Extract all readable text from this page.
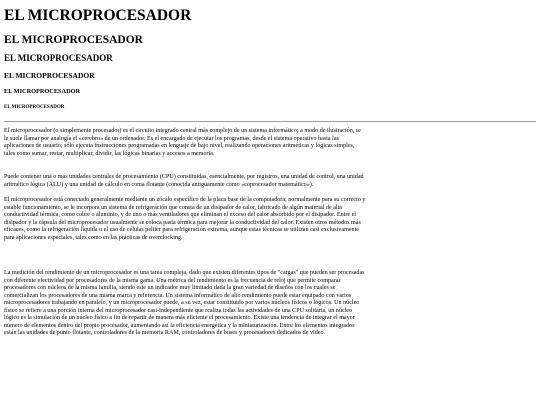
EL MICROPROCESADOR
EL MICROPROCESADOR
EL MICROPROCESADOR
EL MICROPROCESADOR
EL MICROPROCESADOR
EL MICROPROCESADOR

El microprocesador (o simplemente procesador) es el circuito integrado central más complejo de un sistema informático; a modo de ilustración, se le suele llamar por analogía el «cerebro» de un ordenador. Es el encargado de ejecutar los programas, desde el sistema operativo hasta las aplicaciones de usuario; sólo ejecuta instrucciones programadas en lenguaje de bajo nivel, realizando operaciones aritméticas y lógicas simples, tales como sumar, restar, multiplicar, dividir, las lógicas binarias y accesos a memoria.

Puede contener una o más unidades centrales de procesamiento (CPU) constituidas, esencialmente, por registros, una unidad de control, una unidad aritmético lógica (ALU) y una unidad de cálculo en coma flotante (conocida antiguamente como «coprocesador matemático»).

El microprocesador está conectado generalmente mediante un zócalo específico de la placa base de la computadora; normalmente para su correcto y estable funcionamiento, se le incorpora un sistema de refrigeración que consta de un disipador de calor, fabricado de algún material de alta conductividad térmica, como cobre o aluminio, y de uno o más ventiladores que eliminan el exceso del calor absorbido por el disipador. Entre el disipador y la cápsula del microprocesador usualmente se coloca pasta térmica para mejorar la conductividad del calor. Existen otros métodos más eficaces, como la refrigeración líquida o el uso de células peltier para refrigeración extrema, aunque estas técnicas se utilizan casi exclusivamente para aplicaciones especiales, tales como en las prácticas de overclocking.

La medición del rendimiento de un microprocesador es una tarea compleja, dado que existen diferentes tipos de "cargas" que pueden ser procesadas con diferente efectividad por procesadores de la misma gama. Una métrica del rendimiento es la frecuencia de reloj que permite comparar procesadores con núcleos de la misma familia, siendo este un indicador muy limitado dada la gran variedad de diseños con los cuales se comercializan los procesadores de una misma marca y referencia. Un sistema informático de alto rendimiento puede estar equipado con varios microprocesadores trabajando en paralelo, y un microprocesador puede, a su vez, estar constituido por varios núcleos físicos o lógicos. Un núcleo físico se refiere a una porción interna del microprocesador casi-independiente que realiza todas las actividades de una CPU solitaria, un núcleo lógico es la simulación de un núcleo físico a fin de repartir de manera más eficiente el procesamiento. Existe una tendencia de integrar el mayor número de elementos dentro del propio procesador, aumentando así la eficiencia energética y la miniaturización. Entre los elementos integrados están las unidades de punto flotante, controladores de la memoria RAM, controladores de buses y procesadores dedicados de video.
